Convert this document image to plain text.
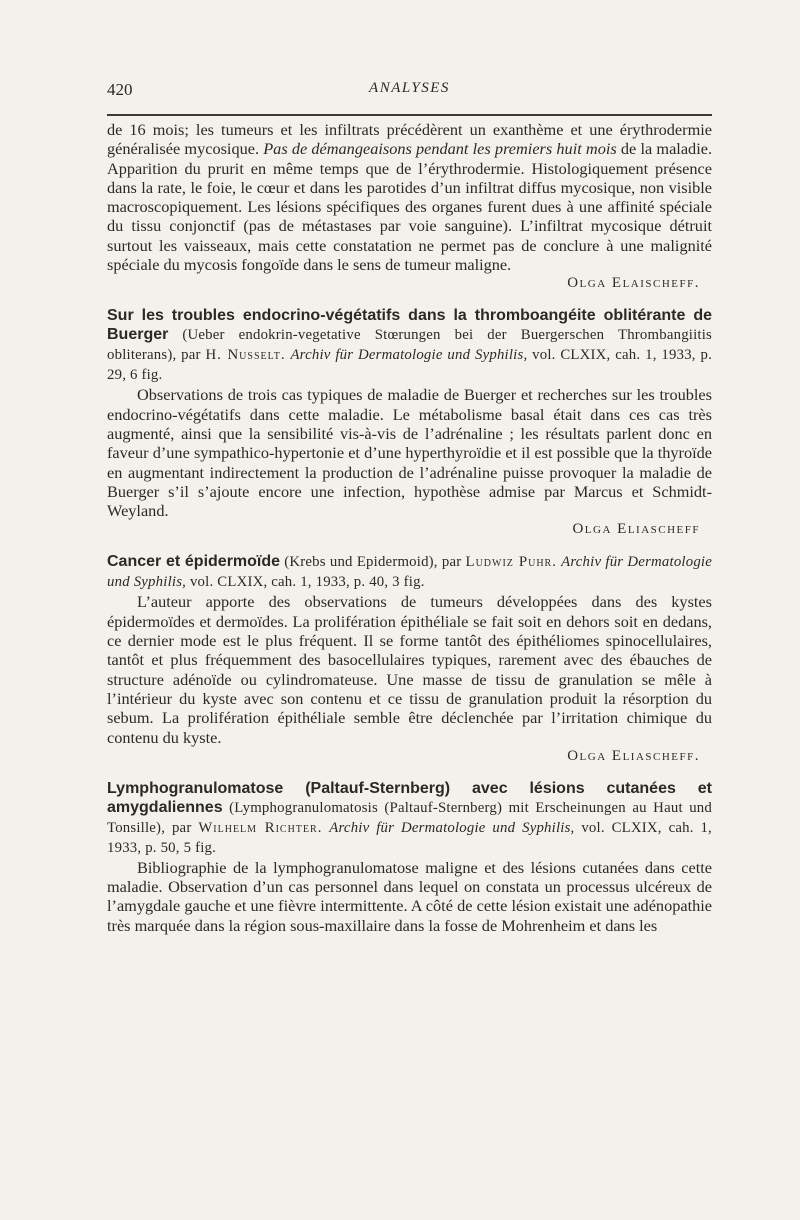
420	ANALYSES

de 16 mois; les tumeurs et les infiltrats précédèrent un exanthème et une érythrodermie généralisée mycosique. Pas de démangeaisons pendant les premiers huit mois de la maladie. Apparition du prurit en même temps que de l’érythrodermie. Histologiquement présence dans la rate, le foie, le cœur et dans les parotides d’un infiltrat diffus mycosique, non visible macroscopiquement. Les lésions spécifiques des organes furent dues à une affinité spéciale du tissu conjonctif (pas de métastases par voie sanguine). L’infiltrat mycosique détruit surtout les vaisseaux, mais cette constatation ne permet pas de conclure à une malignité spéciale du mycosis fongoïde dans le sens de tumeur maligne.

Olga Elaischeff.

Sur les troubles endocrino-végétatifs dans la thromboangéite oblitérante de Buerger (Ueber endokrin-vegetative Stœrungen bei der Buergerschen Thrombangiitis obliterans), par H. Nusselt. Archiv für Dermatologie und Syphilis, vol. CLXIX, cah. 1, 1933, p. 29, 6 fig.

Observations de trois cas typiques de maladie de Buerger et recherches sur les troubles endocrino-végétatifs dans cette maladie. Le métabolisme basal était dans ces cas très augmenté, ainsi que la sensibilité vis-à-vis de l’adrénaline ; les résultats parlent donc en faveur d’une sympathico-hypertonie et d’une hyperthyroïdie et il est possible que la thyroïde en augmentant indirectement la production de l’adrénaline puisse provoquer la maladie de Buerger s’il s’ajoute encore une infection, hypothèse admise par Marcus et Schmidt-Weyland.

Olga Eliascheff

Cancer et épidermoïde (Krebs und Epidermoid), par Ludwiz Puhr. Archiv für Dermatologie und Syphilis, vol. CLXIX, cah. 1, 1933, p. 40, 3 fig.

L’auteur apporte des observations de tumeurs développées dans des kystes épidermoïdes et dermoïdes. La prolifération épithéliale se fait soit en dehors soit en dedans, ce dernier mode est le plus fréquent. Il se forme tantôt des épithéliomes spinocellulaires, tantôt et plus fréquemment des basocellulaires typiques, rarement avec des ébauches de structure adénoïde ou cylindromateuse. Une masse de tissu de granulation se mêle à l’intérieur du kyste avec son contenu et ce tissu de granulation produit la résorption du sebum. La prolifération épithéliale semble être déclenchée par l’irritation chimique du contenu du kyste.

Olga Eliascheff.

Lymphogranulomatose (Paltauf-Sternberg) avec lésions cutanées et amygdaliennes (Lymphogranulomatosis (Paltauf-Sternberg) mit Erscheinungen au Haut und Tonsille), par Wilhelm Richter. Archiv für Dermatologie und Syphilis, vol. CLXIX, cah. 1, 1933, p. 50, 5 fig.

Bibliographie de la lymphogranulomatose maligne et des lésions cutanées dans cette maladie. Observation d’un cas personnel dans lequel on constata un processus ulcéreux de l’amygdale gauche et une fièvre intermittente. A côté de cette lésion existait une adénopathie très marquée dans la région sous-maxillaire dans la fosse de Mohrenheim et dans les
